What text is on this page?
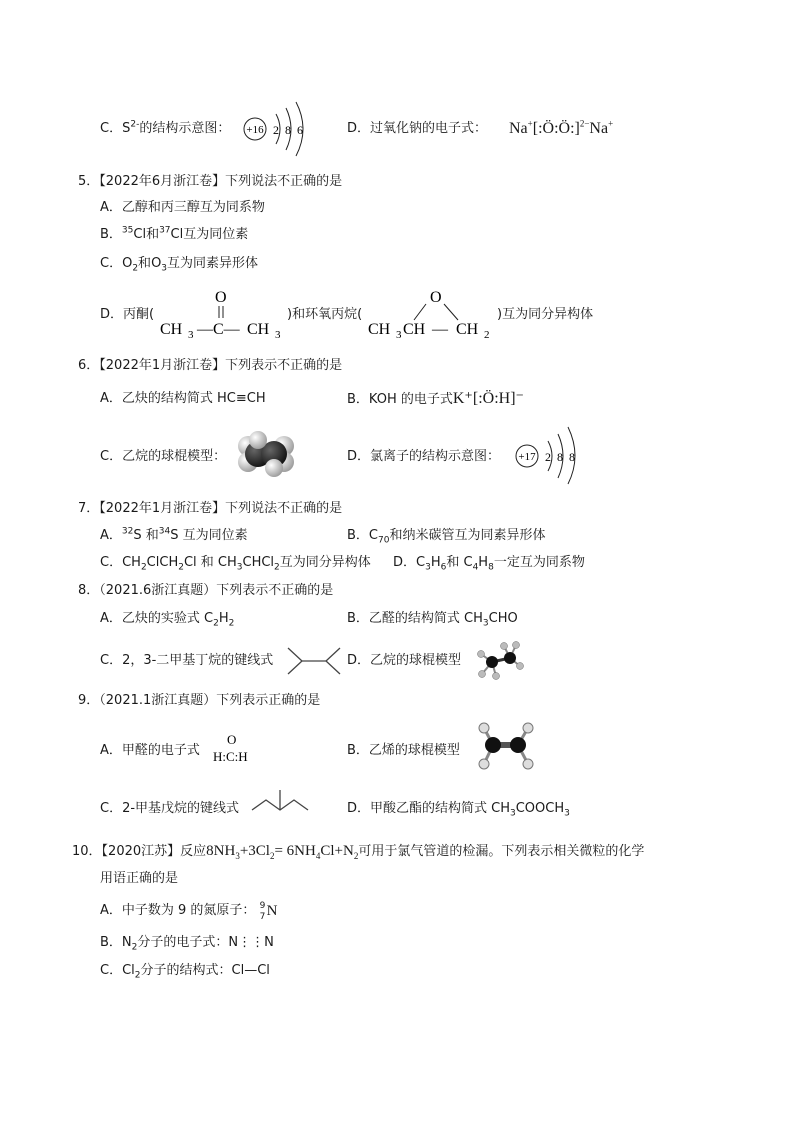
C．$S^{2-}$的结构示意图： +16 2 8 6	D．过氧化钠的电子式： Na+[:Ö:Ö:]$^{2-}$Na+
5．【2022年6月浙江卷】下列说法不正确的是
A．乙醇和丙三醇互为同系物
B．$^{35}$Cl和$^{37}$Cl互为同位素
C．$O_2$和$O_3$互为同素异形体
D．丙酮(
O
CH 3 —C— CH 3
)和环氧丙烷(
O
CH 3 CH — CH 2
)互为同分异构体
6．【2022年1月浙江卷】下列表示不正确的是
A．乙炔的结构简式 HC≡CH	B．KOH 的电子式K⁺[:Ö:H]⁻
C．乙烷的球棍模型：	D．氯离子的结构示意图： +17 2 8 8
7．【2022年1月浙江卷】下列说法不正确的是
A．$^{32}$S 和$^{34}$S 互为同位素	B．$C_{70}$和纳米碳管互为同素异形体
C．$CH_2ClCH_2Cl$ 和 $CH_3CHCl_2$互为同分异构体 D．$C_3H_6$和 $C_4H_8$一定互为同系物
8．（2021.6浙江真题）下列表示不正确的是
A．乙炔的实验式 $C_2H_2$	B．乙醛的结构简式 $CH_3CHO$
C．2，3-二甲基丁烷的键线式	D．乙烷的球棍模型
9．（2021.1浙江真题）下列表示正确的是
A．甲醛的电子式
O
H:C:H	B．乙烯的球棍模型
C．2-甲基戊烷的键线式	D．甲酸乙酯的结构简式 $CH_3COOCH_3$
10．【2020江苏】反应$8NH_3+3Cl_2= 6NH_4Cl+N_2$可用于氯气管道的检漏。下列表示相关微粒的化学
用语正确的是
A．中子数为 9 的氮原子： 9
7 N
B．$N_2$分子的电子式：N⋮⋮N
C．$Cl_2$分子的结构式：Cl—Cl
